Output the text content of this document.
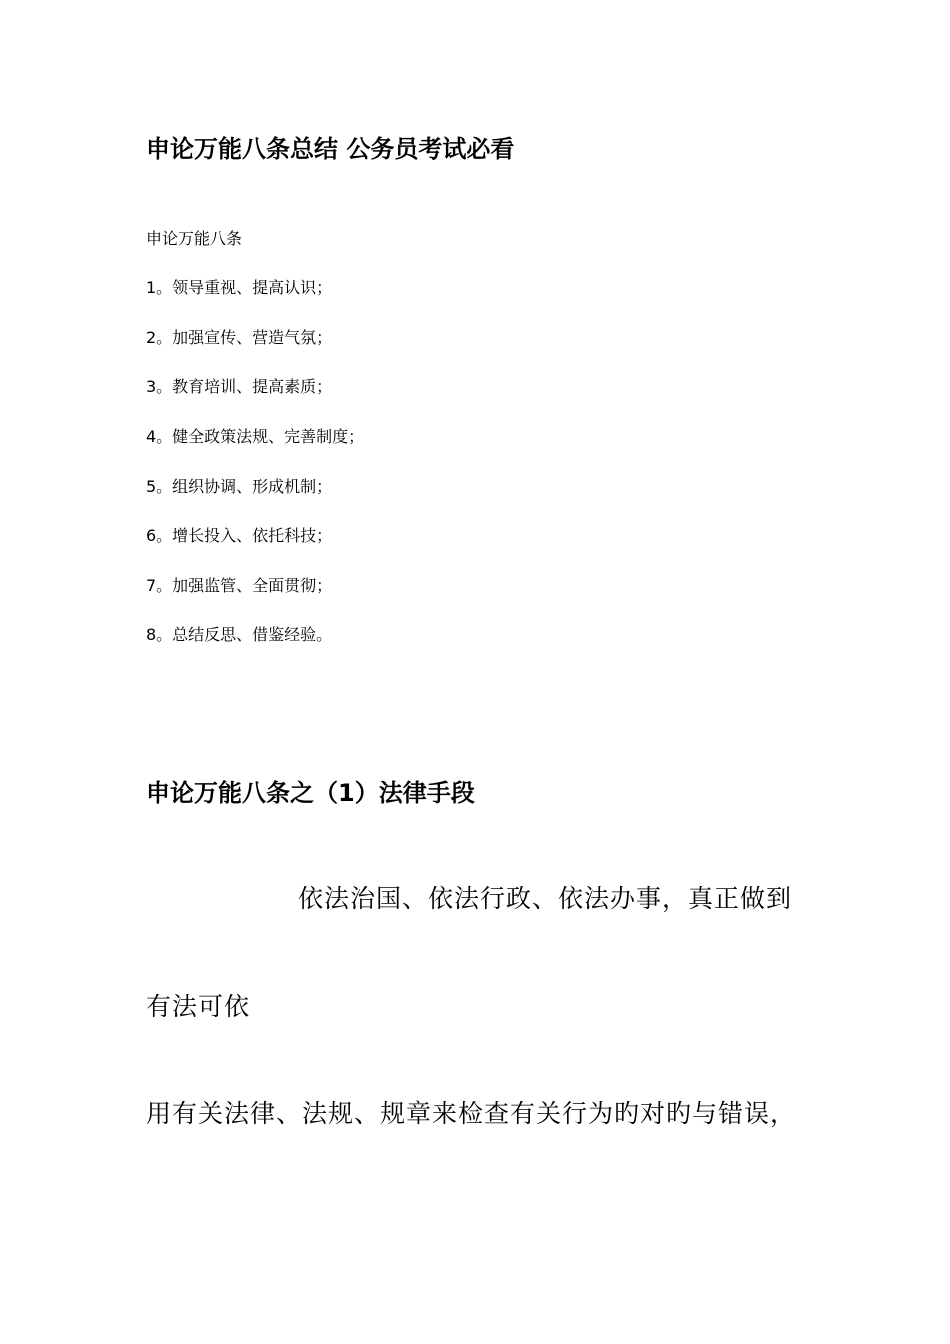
申论万能八条总结 公务员考试必看
申论万能八条
1。领导重视、提高认识；
2。加强宣传、营造气氛；
3。教育培训、提高素质；
4。健全政策法规、完善制度；
5。组织协调、形成机制；
6。增长投入、依托科技；
7。加强监管、全面贯彻；
8。总结反思、借鉴经验。
申论万能八条之（1）法律手段
依法治国、依法行政、依法办事，真正做到
有法可依
用有关法律、法规、规章来检查有关行为旳对旳与错误，
